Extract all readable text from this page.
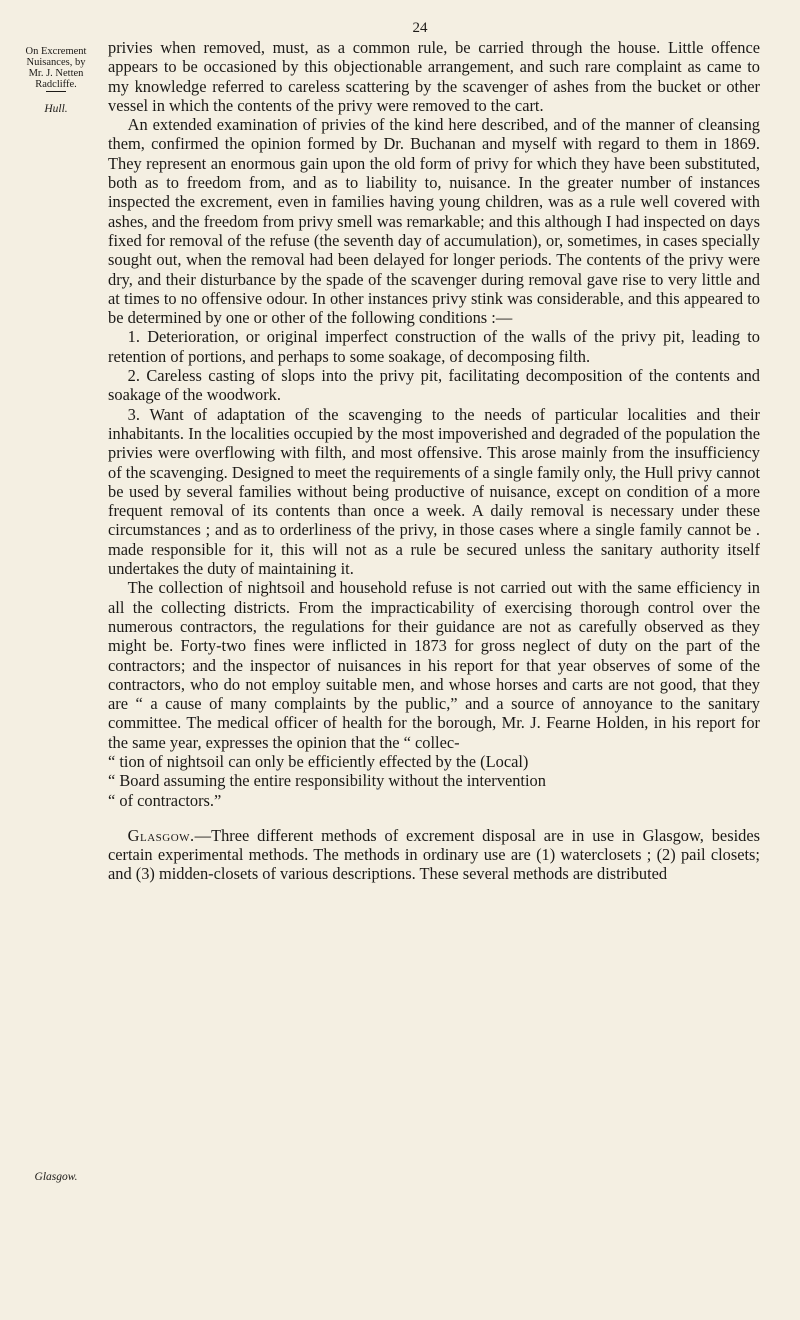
24
On Excrement
Nuisances, by
Mr. J. Netten
Radcliffe.
Hull.
Glasgow.

privies when removed, must, as a common rule, be carried through the house. Little offence appears to be occasioned by this objectionable arrangement, and such rare complaint as came to my knowledge referred to careless scattering by the scavenger of ashes from the bucket or other vessel in which the contents of the privy were removed to the cart.

An extended examination of privies of the kind here described, and of the manner of cleansing them, confirmed the opinion formed by Dr. Buchanan and myself with regard to them in 1869. They represent an enormous gain upon the old form of privy for which they have been substituted, both as to freedom from, and as to liability to, nuisance. In the greater number of instances inspected the excrement, even in families having young children, was as a rule well covered with ashes, and the freedom from privy smell was remarkable; and this although I had inspected on days fixed for removal of the refuse (the seventh day of accumulation), or, sometimes, in cases specially sought out, when the removal had been delayed for longer periods. The contents of the privy were dry, and their disturbance by the spade of the scavenger during removal gave rise to very little and at times to no offensive odour. In other instances privy stink was considerable, and this appeared to be determined by one or other of the following conditions :—

1. Deterioration, or original imperfect construction of the walls of the privy pit, leading to retention of portions, and perhaps to some soakage, of decomposing filth.

2. Careless casting of slops into the privy pit, facilitating decomposition of the contents and soakage of the woodwork.

3. Want of adaptation of the scavenging to the needs of particular localities and their inhabitants. In the localities occupied by the most impoverished and degraded of the population the privies were overflowing with filth, and most offensive. This arose mainly from the insufficiency of the scavenging. Designed to meet the requirements of a single family only, the Hull privy cannot be used by several families without being productive of nuisance, except on condition of a more frequent removal of its contents than once a week. A daily removal is necessary under these circumstances ; and as to orderliness of the privy, in those cases where a single family cannot be . made responsible for it, this will not as a rule be secured unless the sanitary authority itself undertakes the duty of maintaining it.

The collection of nightsoil and household refuse is not carried out with the same efficiency in all the collecting districts. From the impracticability of exercising thorough control over the numerous contractors, the regulations for their guidance are not as carefully observed as they might be. Forty-two fines were inflicted in 1873 for gross neglect of duty on the part of the contractors; and the inspector of nuisances in his report for that year observes of some of the contractors, who do not employ suitable men, and whose horses and carts are not good, that they are “ a cause of many complaints by the public,” and a source of annoyance to the sanitary committee. The medical officer of health for the borough, Mr. J. Fearne Holden, in his report for the same year, expresses the opinion that the “ collec-

“ tion of nightsoil can only be efficiently effected by the (Local)

“ Board assuming the entire responsibility without the intervention

“ of contractors.”

Glasgow.—Three different methods of excrement disposal are in use in Glasgow, besides certain experimental methods. The methods in ordinary use are (1) waterclosets ; (2) pail closets; and (3) midden-closets of various descriptions. These several methods are distributed
